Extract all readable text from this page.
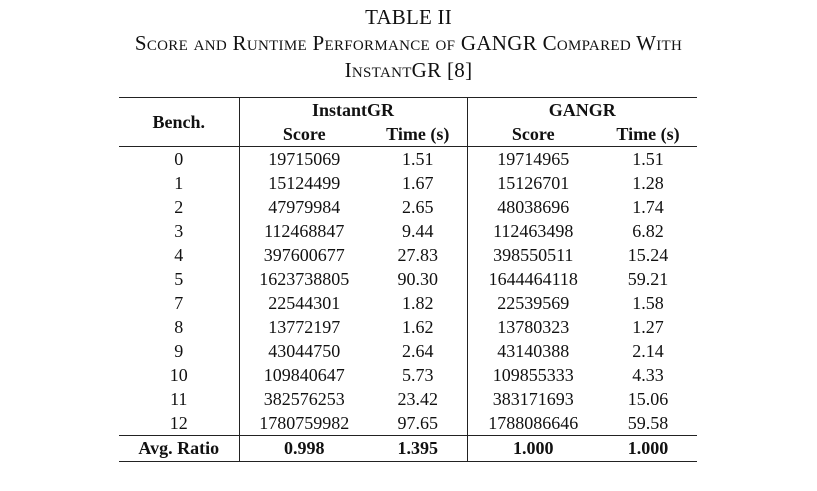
TABLE II
Score and Runtime Performance of GANGR Compared With
InstantGR [8]
Bench.	InstantGR		GANGR	
	Score	Time (s)	Score	Time (s)
0	19715069	1.51	19714965	1.51
1	15124499	1.67	15126701	1.28
2	47979984	2.65	48038696	1.74
3	112468847	9.44	112463498	6.82
4	397600677	27.83	398550511	15.24
5	1623738805	90.30	1644464118	59.21
7	22544301	1.82	22539569	1.58
8	13772197	1.62	13780323	1.27
9	43044750	2.64	43140388	2.14
10	109840647	5.73	109855333	4.33
11	382576253	23.42	383171693	15.06
12	1780759982	97.65	1788086646	59.58
Avg. Ratio	0.998	1.395	1.000	1.000
